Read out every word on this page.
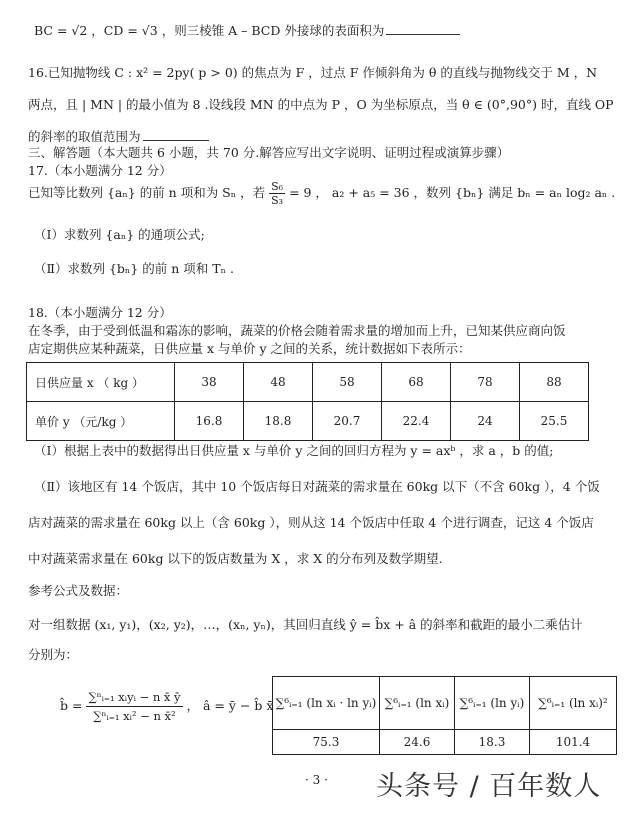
BC = √2 ，CD = √3 ，则三棱锥 A – BCD 外接球的表面积为
16.已知抛物线 C : x² = 2py( p > 0) 的焦点为 F ，过点 F 作倾斜角为 θ 的直线与抛物线交于 M ，N
两点，且 | MN | 的最小值为 8 .设线段 MN 的中点为 P ，O 为坐标原点，当 θ ∈ (0°,90°) 时，直线 OP
的斜率的取值范围为
三、解答题（本大题共 6 小题，共 70 分.解答应写出文字说明、证明过程或演算步骤）
17.（本小题满分 12 分）
已知等比数列 {aₙ} 的前 n 项和为 Sₙ ，若 $\frac{\text{S₆}}{\text{S₃}} = 9$ ， a₂ + a₅ = 36 ，数列 {bₙ} 满足 bₙ = aₙ log₂ aₙ .
（Ⅰ）求数列 {aₙ} 的通项公式;
（Ⅱ）求数列 {bₙ} 的前 n 项和 Tₙ .
18.（本小题满分 12 分）
在冬季，由于受到低温和霜冻的影响，蔬菜的价格会随着需求量的增加而上升，已知某供应商向饭
店定期供应某种蔬菜，日供应量 x 与单价 y 之间的关系，统计数据如下表所示：
日供应量 x （ kg ）	38	48	58	68	78	88
单价 y （元/kg ）	16.8	18.8	20.7	22.4	24	25.5
（Ⅰ）根据上表中的数据得出日供应量 x 与单价 y 之间的回归方程为 y = axᵇ ，求 a ，b 的值;
（Ⅱ）该地区有 14 个饭店，其中 10 个饭店每日对蔬菜的需求量在 60kg 以下（不含 60kg ），4 个饭
店对蔬菜的需求量在 60kg 以上（含 60kg ），则从这 14 个饭店中任取 4 个进行调查，记这 4 个饭店
中对蔬菜需求量在 60kg 以下的饭店数量为 X ，求 X 的分布列及数学期望.
参考公式及数据：
对一组数据 (x₁, y₁)，(x₂, y₂)，…，(xₙ, yₙ)，其回归直线 ŷ = b̂x + â 的斜率和截距的最小二乘估计
分别为：
b̂ = $\frac{\text{∑ⁿᵢ₌₁ xᵢyᵢ − n x̄ ȳ}}{\text{∑ⁿᵢ₌₁ xᵢ² − n x̄²}}$ ， â = ȳ − b̂ x̄ ∑⁶ᵢ₌₁ (ln xᵢ · ln yᵢ)	∑⁶ᵢ₌₁ (ln xᵢ)	∑⁶ᵢ₌₁ (ln yᵢ)	∑⁶ᵢ₌₁ (ln xᵢ)²
75.3	24.6	18.3	101.4
· 3 · 头条号 / 百年数人
